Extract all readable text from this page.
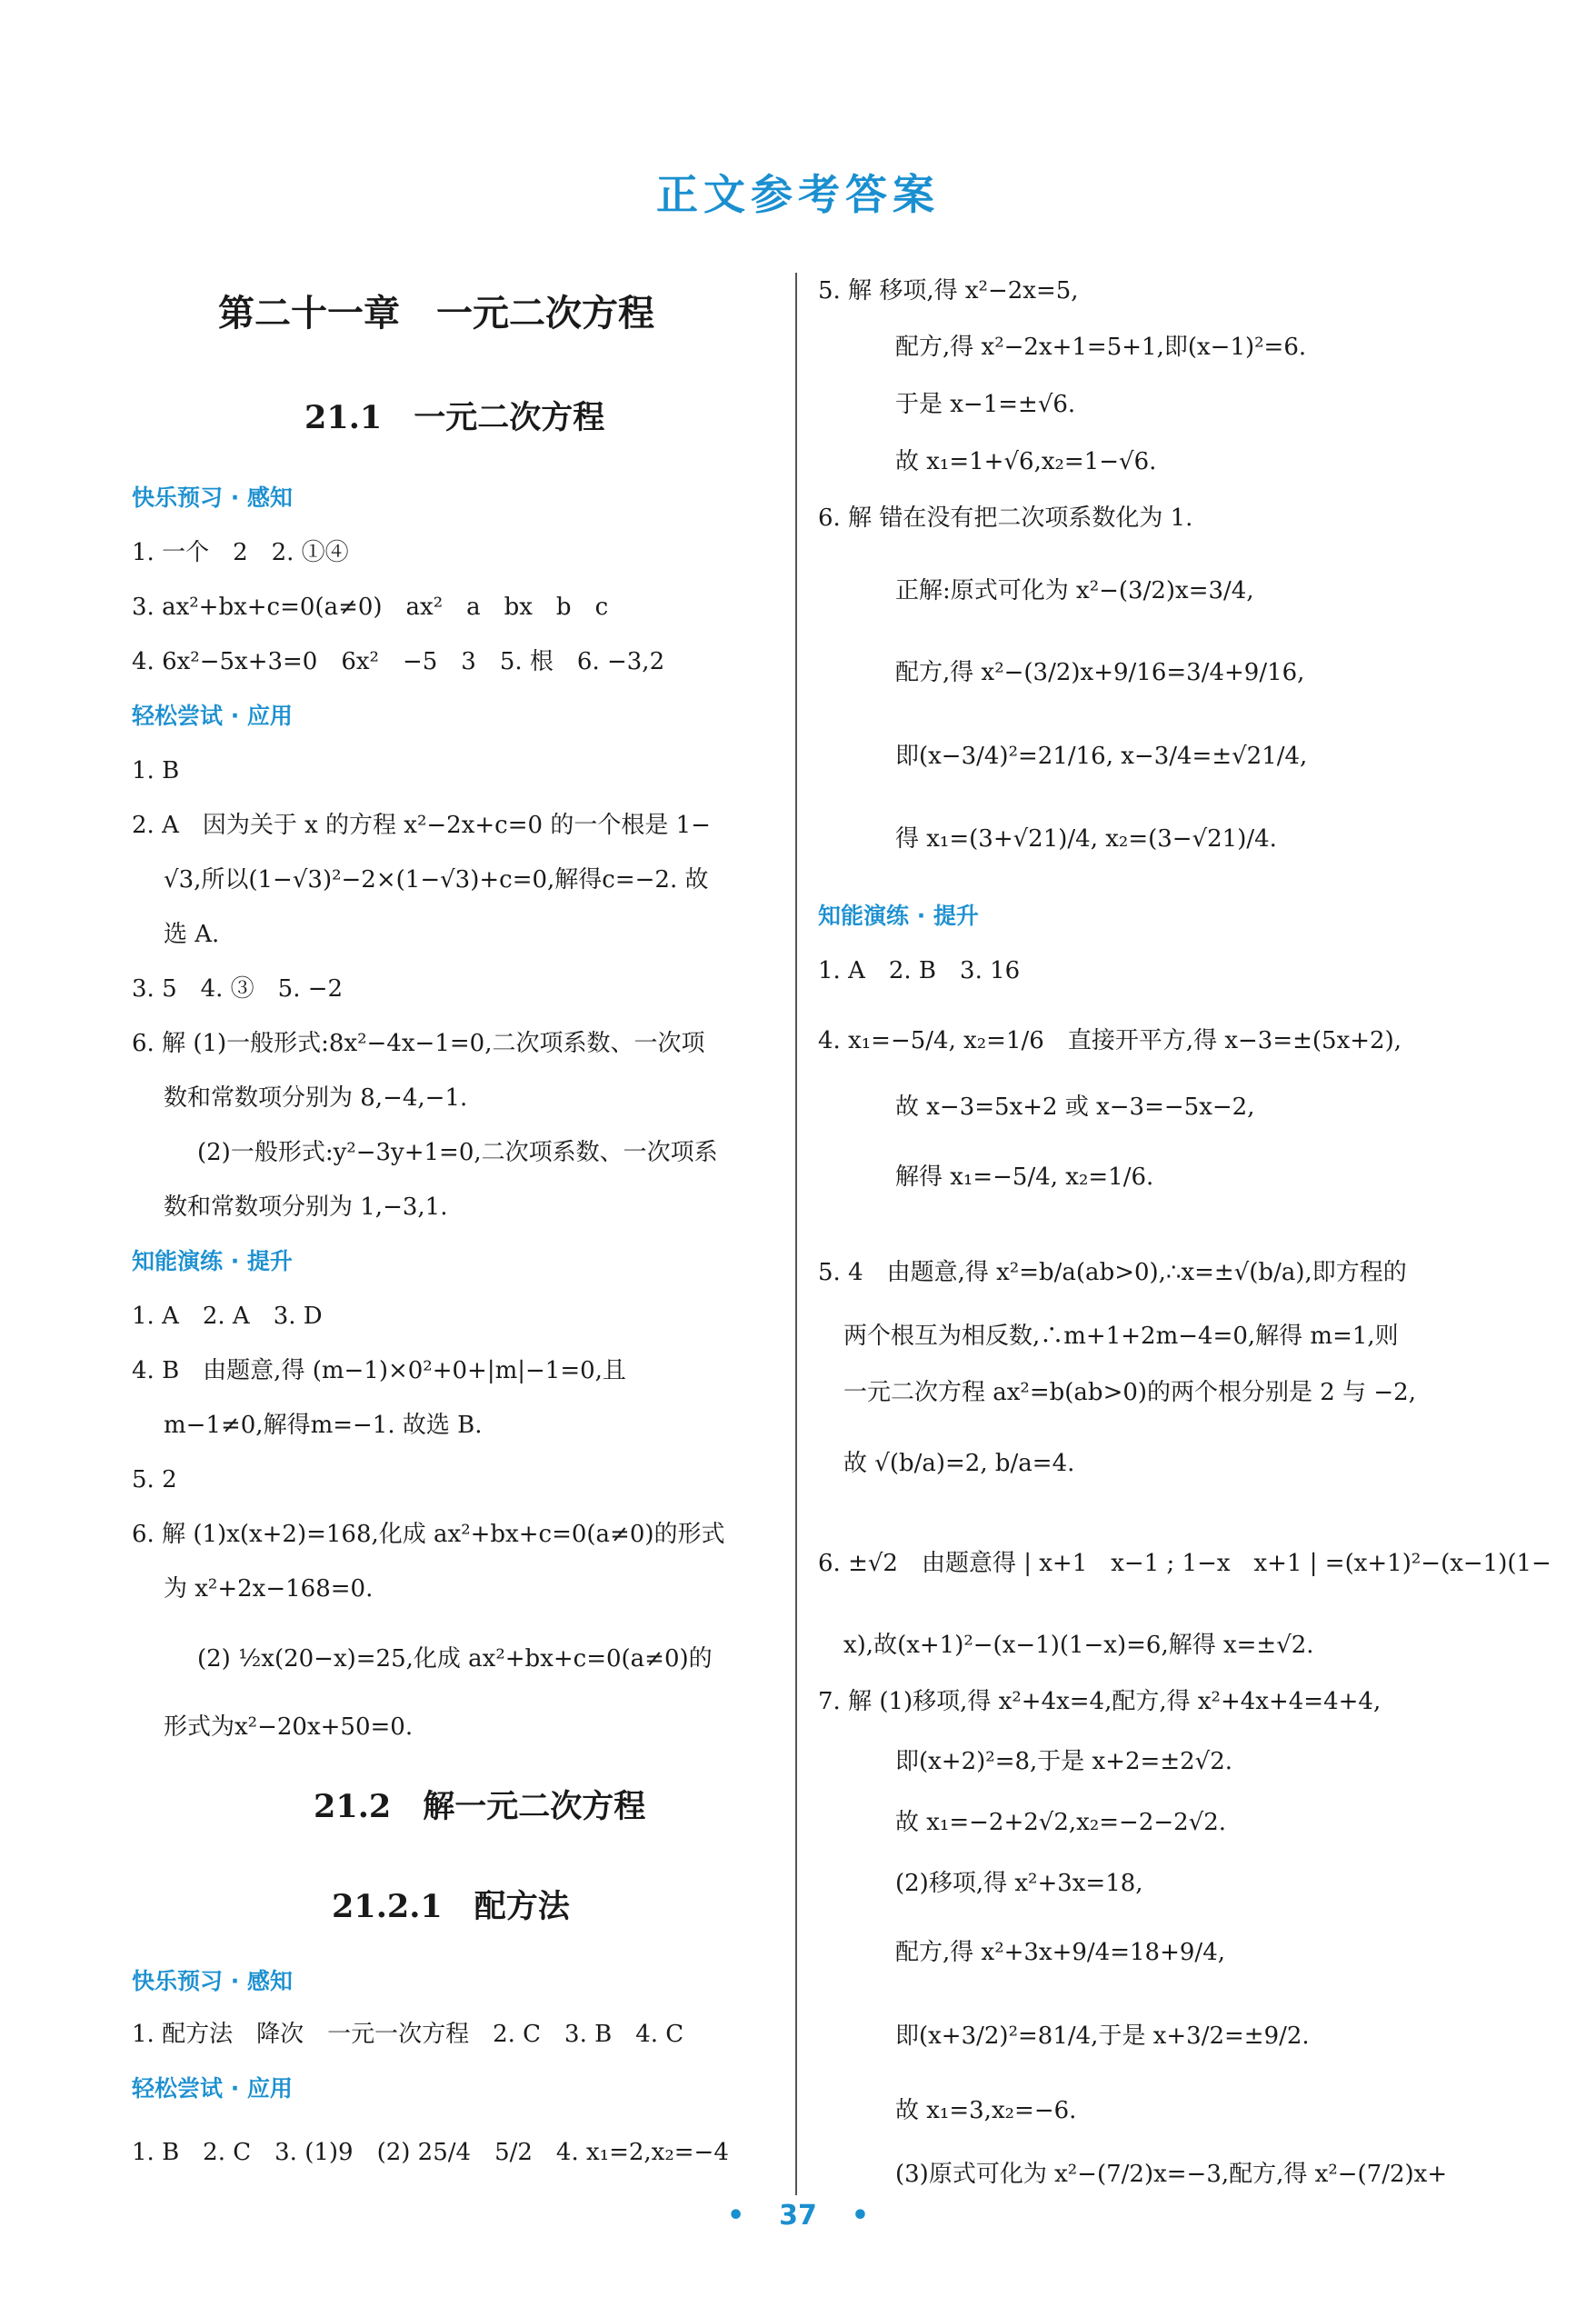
正文参考答案
第二十一章　一元二次方程
21.1　一元二次方程
快乐预习 · 感知
1. 一个　2　2. ①④
3. ax²+bx+c=0(a≠0)　ax²　a　bx　b　c
4. 6x²−5x+3=0　6x²　−5　3　5. 根　6. −3,2
轻松尝试 · 应用
1. B
2. A　因为关于 x 的方程 x²−2x+c=0 的一个根是 1−
√3,所以(1−√3)²−2×(1−√3)+c=0,解得c=−2. 故
选 A.
3. 5　4. ③　5. −2
6. 解 (1)一般形式:8x²−4x−1=0,二次项系数、一次项
数和常数项分别为 8,−4,−1.
(2)一般形式:y²−3y+1=0,二次项系数、一次项系
数和常数项分别为 1,−3,1.
知能演练 · 提升
1. A　2. A　3. D
4. B　由题意,得 (m−1)×0²+0+|m|−1=0,且
m−1≠0,解得m=−1. 故选 B.
5. 2
6. 解 (1)x(x+2)=168,化成 ax²+bx+c=0(a≠0)的形式
为 x²+2x−168=0.
(2) ½x(20−x)=25,化成 ax²+bx+c=0(a≠0)的
形式为x²−20x+50=0.
21.2　解一元二次方程
21.2.1　配方法
快乐预习 · 感知
1. 配方法　降次　一元一次方程　2. C　3. B　4. C
轻松尝试 · 应用
1. B　2. C　3. (1)9　(2) 25/4　5/2　4. x₁=2,x₂=−4
5. 解 移项,得 x²−2x=5,
配方,得 x²−2x+1=5+1,即(x−1)²=6.
于是 x−1=±√6.
故 x₁=1+√6,x₂=1−√6.
6. 解 错在没有把二次项系数化为 1.
正解:原式可化为 x²−(3/2)x=3/4,
配方,得 x²−(3/2)x+9/16=3/4+9/16,
即(x−3/4)²=21/16, x−3/4=±√21/4,
得 x₁=(3+√21)/4, x₂=(3−√21)/4.
知能演练 · 提升
1. A　2. B　3. 16
4. x₁=−5/4, x₂=1/6　直接开平方,得 x−3=±(5x+2),
故 x−3=5x+2 或 x−3=−5x−2,
解得 x₁=−5/4, x₂=1/6.
5. 4　由题意,得 x²=b/a(ab>0),∴x=±√(b/a),即方程的
两个根互为相反数,∴m+1+2m−4=0,解得 m=1,则
一元二次方程 ax²=b(ab>0)的两个根分别是 2 与 −2,
故 √(b/a)=2, b/a=4.
6. ±√2　由题意得 | x+1　x−1 ; 1−x　x+1 | =(x+1)²−(x−1)(1−
x),故(x+1)²−(x−1)(1−x)=6,解得 x=±√2.
7. 解 (1)移项,得 x²+4x=4,配方,得 x²+4x+4=4+4,
即(x+2)²=8,于是 x+2=±2√2.
故 x₁=−2+2√2,x₂=−2−2√2.
(2)移项,得 x²+3x=18,
配方,得 x²+3x+9/4=18+9/4,
即(x+3/2)²=81/4,于是 x+3/2=±9/2.
故 x₁=3,x₂=−6.
(3)原式可化为 x²−(7/2)x=−3,配方,得 x²−(7/2)x+
• 37 •
